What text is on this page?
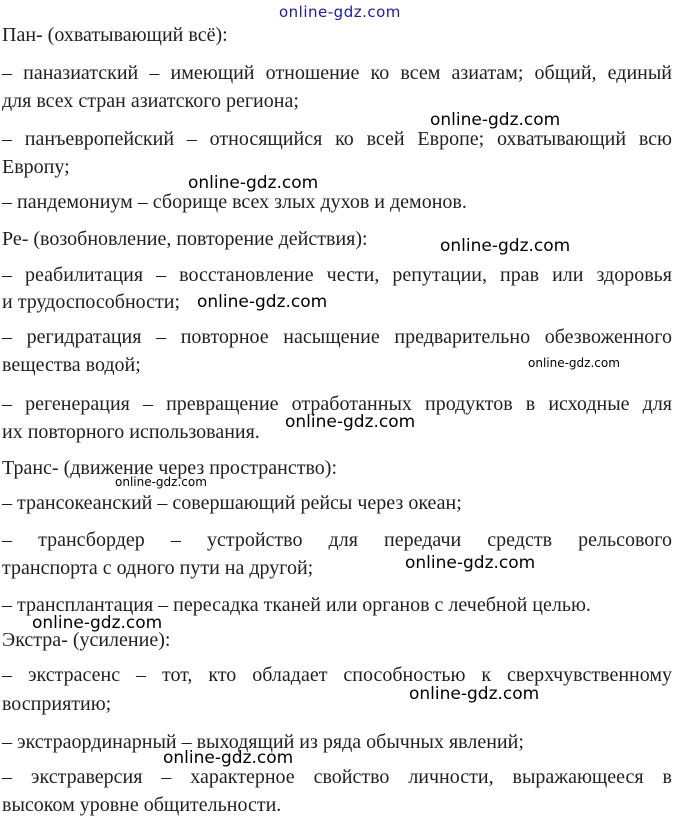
online-gdz.com
Пан- (охватывающий всё):
– паназиатский – имеющий отношение ко всем азиатам; общий, единый
для всех стран азиатского региона;
– панъевропейский – относящийся ко всей Европе; охватывающий всю
Европу;
– пандемониум – сборище всех злых духов и демонов.
Ре- (возобновление, повторение действия):
– реабилитация – восстановление чести, репутации, прав или здоровья
и трудоспособности;
– регидратация – повторное насыщение предварительно обезвоженного
вещества водой;
– регенерация – превращение отработанных продуктов в исходные для
их повторного использования.
Транс- (движение через пространство):
– трансокеанский – совершающий рейсы через океан;
– трансбордер – устройство для передачи средств рельсового
транспорта с одного пути на другой;
– трансплантация – пересадка тканей или органов с лечебной целью.
Экстра- (усиление):
– экстрасенс – тот, кто обладает способностью к сверхчувственному
восприятию;
– экстраординарный – выходящий из ряда обычных явлений;
– экстраверсия – характерное свойство личности, выражающееся в
высоком уровне общительности.
online-gdz.com
online-gdz.com
online-gdz.com
online-gdz.com
online-gdz.com
online-gdz.com
online-gdz.com
online-gdz.com
online-gdz.com
online-gdz.com
online-gdz.com
